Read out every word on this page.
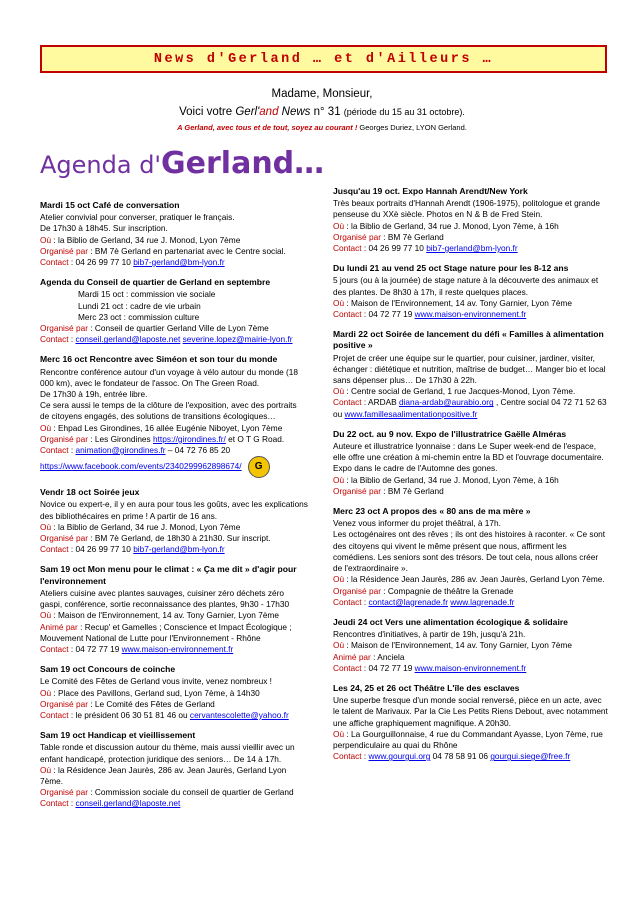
News d'Gerland … et d'Ailleurs …
Madame, Monsieur,
Voici votre Gerl'and News n° 31 (période du 15 au 31 octobre).
A Gerland, avec tous et de tout, soyez au courant ! Georges Duriez, LYON Gerland.
Agenda d'Gerland…
Mardi 15 oct Café de conversation

Atelier convivial pour converser, pratiquer le français.

De 17h30 à 18h45. Sur inscription.

Où : la Biblio de Gerland, 34 rue J. Monod, Lyon 7ème

Organisé par : BM 7è Gerland en partenariat avec le Centre social.

Contact : 04 26 99 77 10 bib7-gerland@bm-lyon.fr

Agenda du Conseil de quartier de Gerland en septembre

Mardi 15 oct : commission vie sociale

Lundi 21 oct : cadre de vie urbain

Merc 23 oct : commission culture

Organisé par : Conseil de quartier Gerland Ville de Lyon 7ème

Contact : conseil.gerland@laposte.net severine.lopez@mairie-lyon.fr

Merc 16 oct Rencontre avec Siméon et son tour du monde

Rencontre conférence autour d'un voyage à vélo autour du monde (18 000 km), avec le fondateur de l'assoc. On The Green Road.

De 17h30 à 19h, entrée libre.

Ce sera aussi le temps de la clôture de l'exposition, avec des portraits de citoyens engagés, des solutions de transitions écologiques…

Où : Ehpad Les Girondines, 16 allée Eugénie Niboyet, Lyon 7ème

Organisé par : Les Girondines https://girondines.fr/ et O T G Road.

Contact : animation@girondines.fr – 04 72 76 85 20

https://www.facebook.com/events/2340299962898674/ G

Vendr 18 oct Soirée jeux

Novice ou expert-e, il y en aura pour tous les goûts, avec les explications des bibliothécaires en prime ! A partir de 16 ans.

Où : la Biblio de Gerland, 34 rue J. Monod, Lyon 7ème

Organisé par : BM 7è Gerland, de 18h30 à 21h30. Sur inscript.

Contact : 04 26 99 77 10 bib7-gerland@bm-lyon.fr

Sam 19 oct Mon menu pour le climat : « Ça me dit » d'agir pour l'environnement

Ateliers cuisine avec plantes sauvages, cuisiner zéro déchets zéro gaspi, conférence, sortie reconnaissance des plantes, 9h30 - 17h30

Où : Maison de l'Environnement, 14 av. Tony Garnier, Lyon 7ème

Animé par : Recup' et Gamelles ; Conscience et Impact Écologique ; Mouvement National de Lutte pour l'Environnement - Rhône

Contact : 04 72 77 19 www.maison-environnement.fr

Sam 19 oct Concours de coinche

Le Comité des Fêtes de Gerland vous invite, venez nombreux !

Où : Place des Pavillons, Gerland sud, Lyon 7ème, à 14h30

Organisé par : Le Comité des Fêtes de Gerland

Contact : le président 06 30 51 81 46 ou cervantescolette@yahoo.fr

Sam 19 oct Handicap et vieillissement

Table ronde et discussion autour du thème, mais aussi vieillir avec un enfant handicapé, protection juridique des seniors… De 14 à 17h.

Où : la Résidence Jean Jaurès, 286 av. Jean Jaurès, Gerland Lyon 7ème.

Organisé par : Commission sociale du conseil de quartier de Gerland

Contact : conseil.gerland@laposte.net

Jusqu'au 19 oct. Expo Hannah Arendt/New York

Très beaux portraits d'Hannah Arendt (1906-1975), politologue et grande penseuse du XXè siècle. Photos en N & B de Fred Stein.

Où : la Biblio de Gerland, 34 rue J. Monod, Lyon 7ème, à 16h

Organisé par : BM 7è Gerland

Contact : 04 26 99 77 10 bib7-gerland@bm-lyon.fr

Du lundi 21 au vend 25 oct Stage nature pour les 8-12 ans

5 jours (ou à la journée) de stage nature à la découverte des animaux et des plantes. De 8h30 à 17h, il reste quelques places.

Où : Maison de l'Environnement, 14 av. Tony Garnier, Lyon 7ème

Contact : 04 72 77 19 www.maison-environnement.fr

Mardi 22 oct Soirée de lancement du défi « Familles à alimentation positive »

Projet de créer une équipe sur le quartier, pour cuisiner, jardiner, visiter, échanger : diététique et nutrition, maîtrise de budget… Manger bio et local sans dépenser plus… De 17h30 à 22h.

Où : Centre social de Gerland, 1 rue Jacques-Monod, Lyon 7ème.

Contact : ARDAB diana-ardab@aurabio.org , Centre social 04 72 71 52 63 ou www.famillesaalimentationpositive.fr

Du 22 oct. au 9 nov. Expo de l'illustratrice Gaëlle Alméras

Auteure et illustratrice lyonnaise : dans Le Super week-end de l'espace, elle offre une création à mi-chemin entre la BD et l'ouvrage documentaire. Expo dans le cadre de l'Automne des gones.

Où : la Biblio de Gerland, 34 rue J. Monod, Lyon 7ème, à 16h

Organisé par : BM 7è Gerland

Merc 23 oct A propos des « 80 ans de ma mère »

Venez vous informer du projet théâtral, à 17h.

Les octogénaires ont des rêves ; ils ont des histoires à raconter. « Ce sont des citoyens qui vivent le même présent que nous, affirment les comédiens. Les seniors sont des trésors. De tout cela, nous allons créer de l'extraordinaire ».

Où : la Résidence Jean Jaurès, 286 av. Jean Jaurès, Gerland Lyon 7ème.

Organisé par : Compagnie de théâtre la Grenade

Contact : contact@lagrenade.fr www.lagrenade.fr

Jeudi 24 oct Vers une alimentation écologique & solidaire

Rencontres d'initiatives, à partir de 19h, jusqu'à 21h.

Où : Maison de l'Environnement, 14 av. Tony Garnier, Lyon 7ème

Animé par : Anciela

Contact : 04 72 77 19 www.maison-environnement.fr

Les 24, 25 et 26 oct Théâtre L'île des esclaves

Une superbe fresque d'un monde social renversé, pièce en un acte, avec le talent de Marivaux. Par la Cie Les Petits Riens Debout, avec notamment une affiche graphiquement magnifique. A 20h30.

Où : La Gourguillonnaise, 4 rue du Commandant Ayasse, Lyon 7ème, rue perpendiculaire au quai du Rhône

Contact : www.gourgui.org 04 78 58 91 06 gourgui.siege@free.fr
